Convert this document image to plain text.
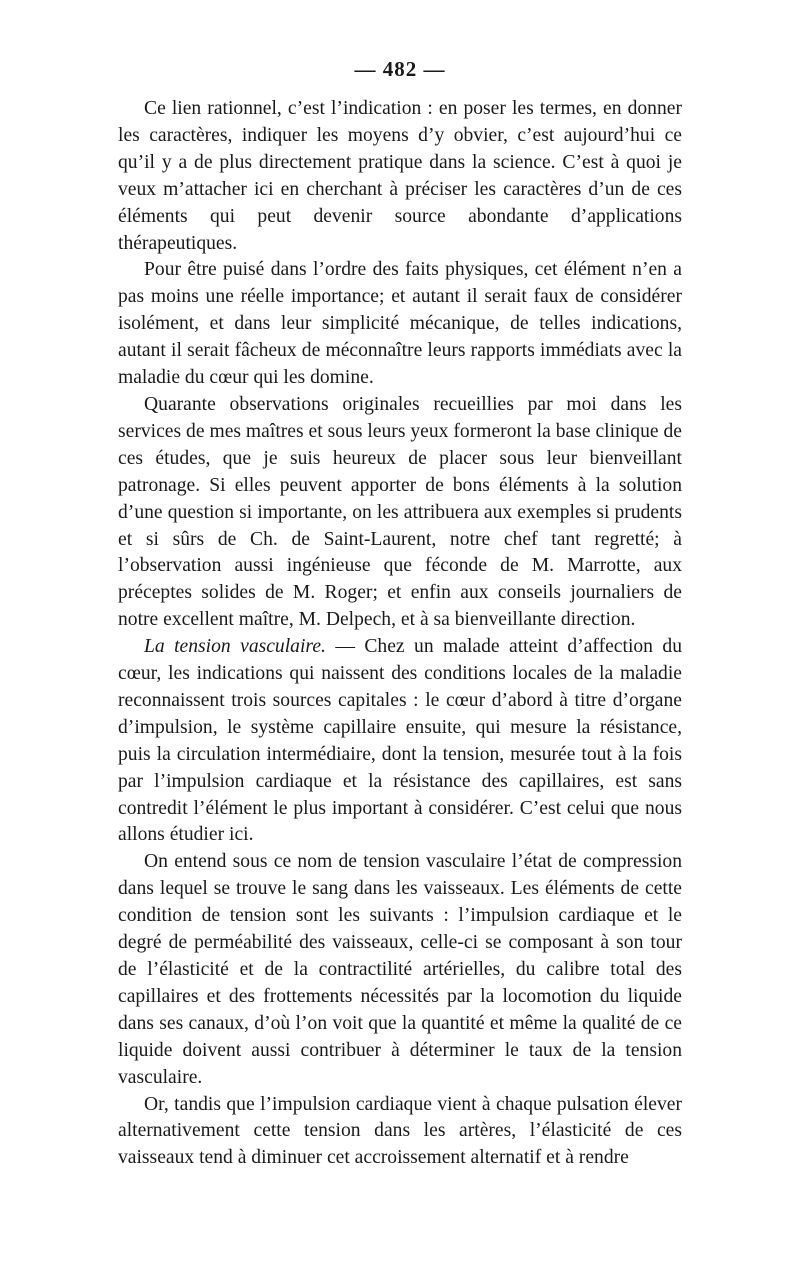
— 482 —

Ce lien rationnel, c’est l’indication : en poser les termes, en donner les caractères, indiquer les moyens d’y obvier, c’est aujourd’hui ce qu’il y a de plus directement pratique dans la science. C’est à quoi je veux m’attacher ici en cherchant à préciser les caractères d’un de ces éléments qui peut devenir source abondante d’applications thérapeutiques.

Pour être puisé dans l’ordre des faits physiques, cet élément n’en a pas moins une réelle importance; et autant il serait faux de considérer isolément, et dans leur simplicité mécanique, de telles indications, autant il serait fâcheux de méconnaître leurs rapports immédiats avec la maladie du cœur qui les domine.

Quarante observations originales recueillies par moi dans les services de mes maîtres et sous leurs yeux formeront la base clinique de ces études, que je suis heureux de placer sous leur bienveillant patronage. Si elles peuvent apporter de bons éléments à la solution d’une question si importante, on les attribuera aux exemples si prudents et si sûrs de Ch. de Saint-Laurent, notre chef tant regretté; à l’observation aussi ingénieuse que féconde de M. Marrotte, aux préceptes solides de M. Roger; et enfin aux conseils journaliers de notre excellent maître, M. Delpech, et à sa bienveillante direction.

La tension vasculaire. — Chez un malade atteint d’affection du cœur, les indications qui naissent des conditions locales de la maladie reconnaissent trois sources capitales : le cœur d’abord à titre d’organe d’impulsion, le système capillaire ensuite, qui mesure la résistance, puis la circulation intermédiaire, dont la tension, mesurée tout à la fois par l’impulsion cardiaque et la résistance des capillaires, est sans contredit l’élément le plus important à considérer. C’est celui que nous allons étudier ici.

On entend sous ce nom de tension vasculaire l’état de compression dans lequel se trouve le sang dans les vaisseaux. Les éléments de cette condition de tension sont les suivants : l’impulsion cardiaque et le degré de perméabilité des vaisseaux, celle-ci se composant à son tour de l’élasticité et de la contractilité artérielles, du calibre total des capillaires et des frottements nécessités par la locomotion du liquide dans ses canaux, d’où l’on voit que la quantité et même la qualité de ce liquide doivent aussi contribuer à déterminer le taux de la tension vasculaire.

Or, tandis que l’impulsion cardiaque vient à chaque pulsation élever alternativement cette tension dans les artères, l’élasticité de ces vaisseaux tend à diminuer cet accroissement alternatif et à rendre
